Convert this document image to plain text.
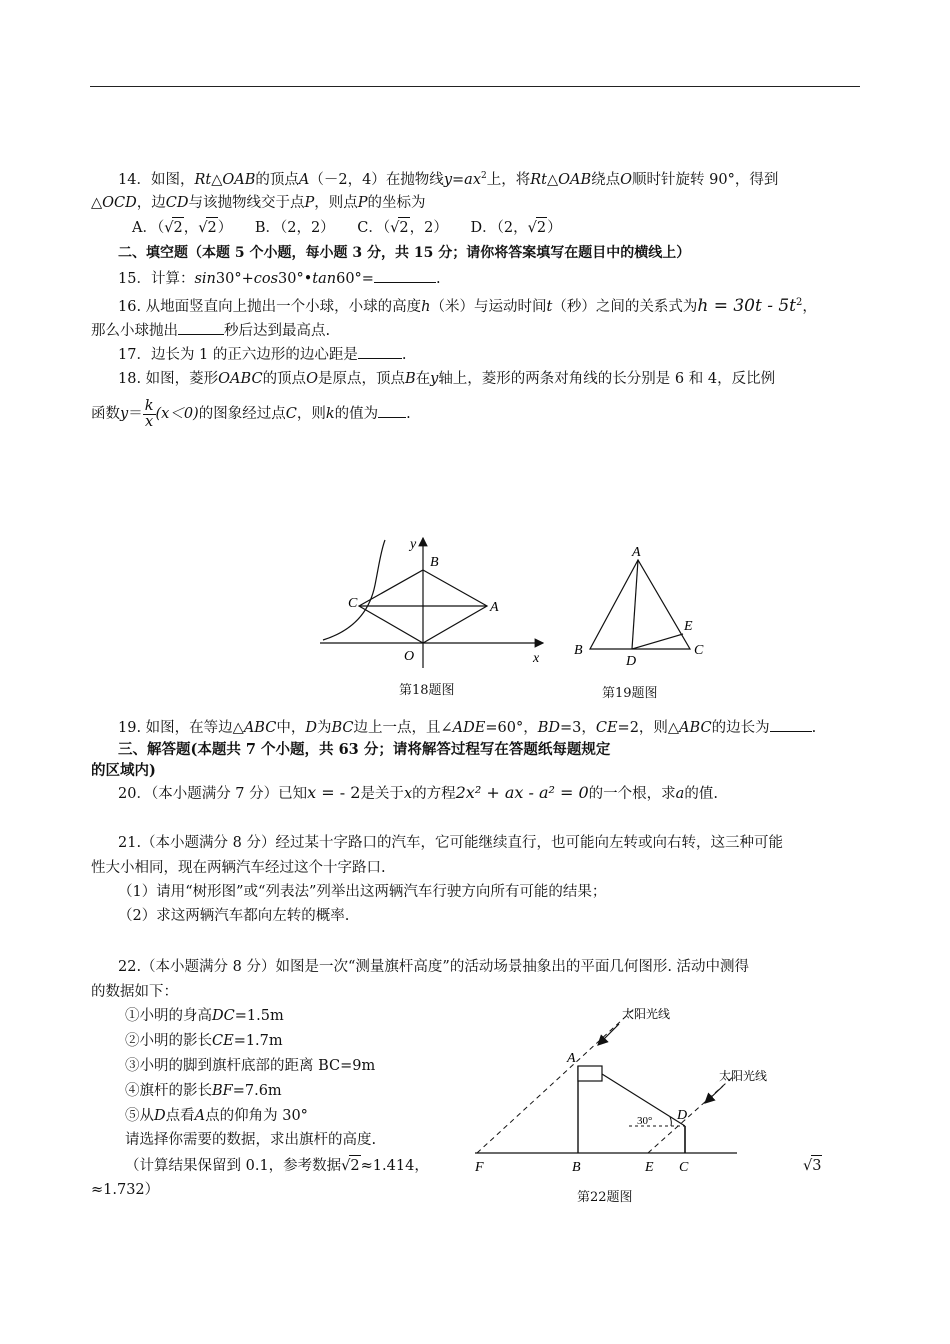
14．如图，Rt△OAB的顶点A（－2，4）在抛物线$y=ax^2$上，将Rt△OAB绕点O顺时针旋转 90°，得到
△OCD，边CD与该抛物线交于点P，则点P的坐标为
A．（√2，√2） B．（2，2） C．（√2，2） D．（2，√2）
二、填空题（本题 5 个小题，每小题 3 分，共 15 分；请你将答案填写在题目中的横线上）
15．计算：sin30°+cos30°•tan60°=	.
16. 从地面竖直向上抛出一个小球，小球的高度h（米）与运动时间t（秒）之间的关系式为$h = 30t - 5t^2$，
那么小球抛出	秒后达到最高点.
17．边长为 1 的正六边形的边心距是	.
18. 如图，菱形OABC的顶点O是原点，顶点B在y轴上，菱形的两条对角线的长分别是 6 和 4，反比例
函数$y= \frac{k}{x} (x<0)$的图象经过点C，则k的值为 .
y
x
B
C	A
O
第18题图
A
B	C
D
E
第19题图
19. 如图，在等边△ABC中，D为BC边上一点，且∠ADE=60°，BD=3，CE=2，则△ABC的边长为	.
三、解答题(本题共 7 个小题，共 63 分；请将解答过程写在答题纸每题规定
的区域内)
20．（本小题满分 7 分）已知x = - 2是关于x的方程2x² + ax - a² = 0的一个根，求a的值.
21.（本小题满分 8 分）经过某十字路口的汽车，它可能继续直行，也可能向左转或向右转，这三种可能
性大小相同，现在两辆汽车经过这个十字路口.
（1）请用“树形图”或“列表法”列举出这两辆汽车行驶方向所有可能的结果；
（2）求这两辆汽车都向左转的概率.
22.（本小题满分 8 分）如图是一次“测量旗杆高度”的活动场景抽象出的平面几何图形. 活动中测得
的数据如下：
①小明的身高DC=1.5m
②小明的影长CE=1.7m
③小明的脚到旗杆底部的距离 BC=9m
④旗杆的影长BF=7.6m
⑤从D点看A点的仰角为 30°
请选择你需要的数据，求出旗杆的高度.
（计算结果保留到 0.1，参考数据√2≈1.414，	√3
≈1.732）
30°
太阳光线
太阳光线
A
D
F	B	E C
第22题图
